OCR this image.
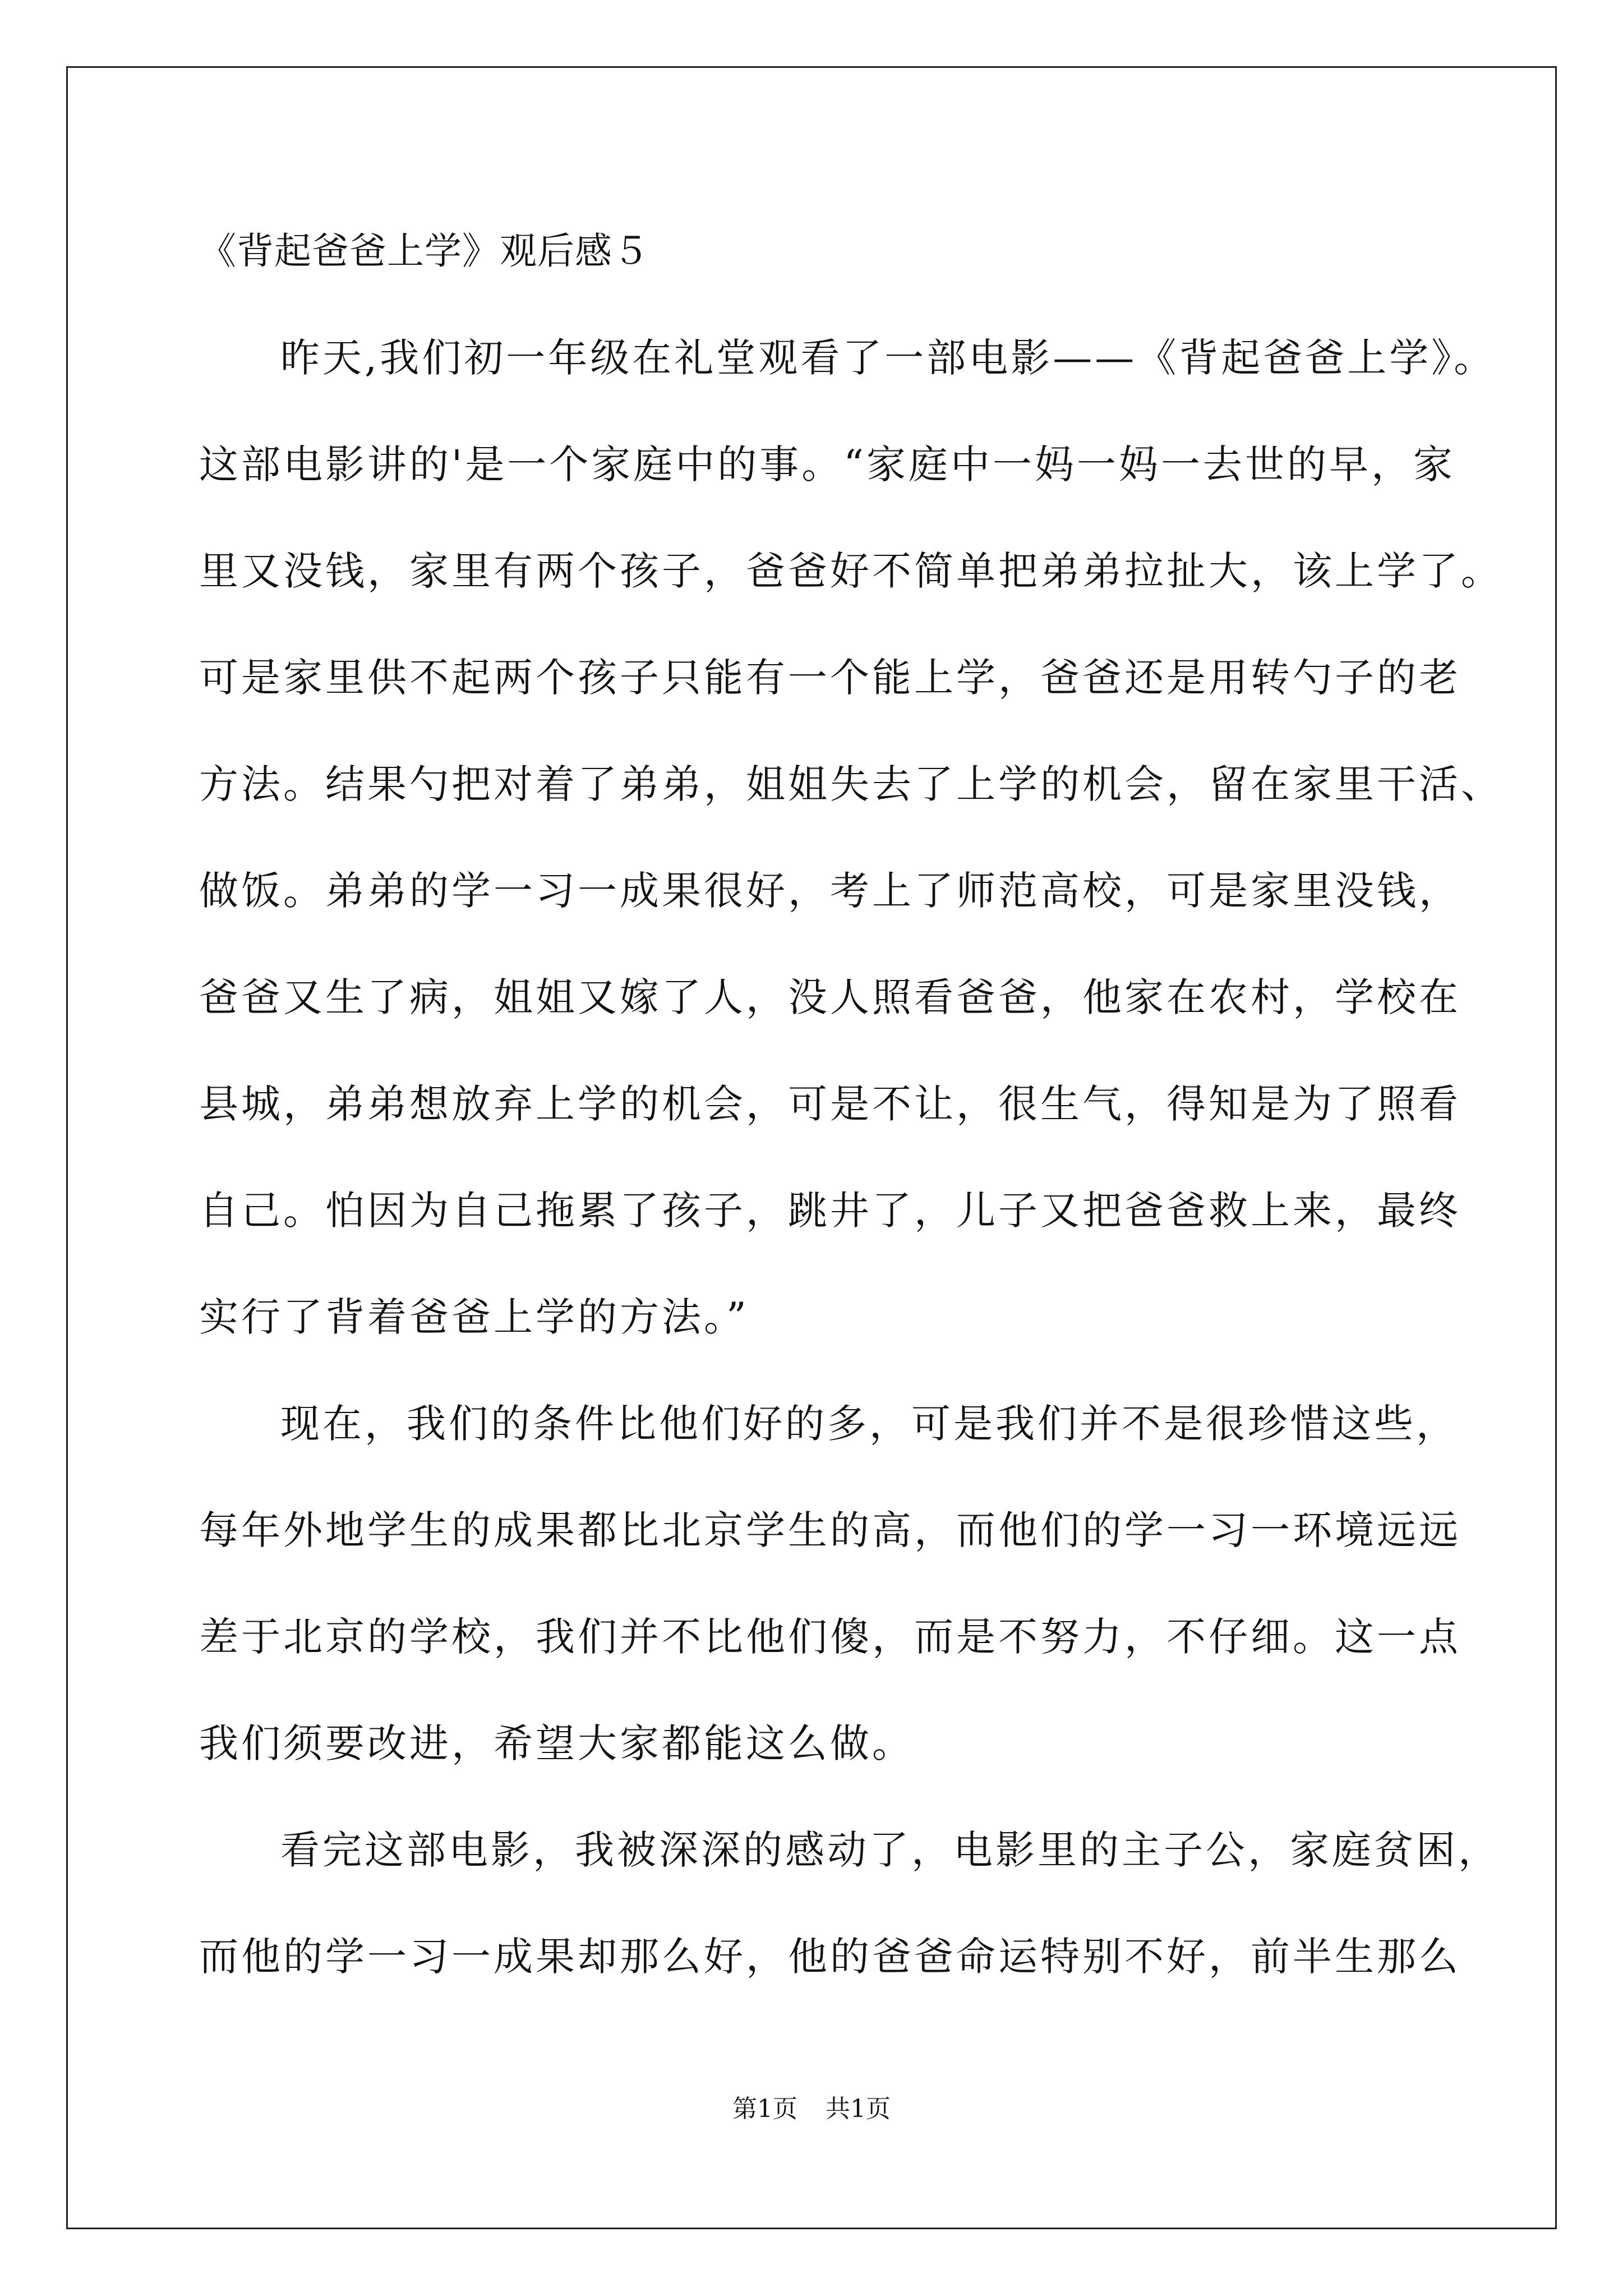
《背起爸爸上学》观后感５
昨天,我们初一年级在礼堂观看了一部电影——《背起爸爸上学》。
这部电影讲的'是一个家庭中的事。“家庭中一妈一妈一去世的早，家
里又没钱，家里有两个孩子，爸爸好不简单把弟弟拉扯大，该上学了。
可是家里供不起两个孩子只能有一个能上学，爸爸还是用转勺子的老
方法。结果勺把对着了弟弟，姐姐失去了上学的机会，留在家里干活、
做饭。弟弟的学一习一成果很好，考上了师范高校，可是家里没钱，
爸爸又生了病，姐姐又嫁了人，没人照看爸爸，他家在农村，学校在
县城，弟弟想放弃上学的机会，可是不让，很生气，得知是为了照看
自己。怕因为自己拖累了孩子，跳井了，儿子又把爸爸救上来，最终
实行了背着爸爸上学的方法。”
现在，我们的条件比他们好的多，可是我们并不是很珍惜这些，
每年外地学生的成果都比北京学生的高，而他们的学一习一环境远远
差于北京的学校，我们并不比他们傻，而是不努力，不仔细。这一点
我们须要改进，希望大家都能这么做。
看完这部电影，我被深深的感动了，电影里的主子公，家庭贫困，
而他的学一习一成果却那么好，他的爸爸命运特别不好，前半生那么
第1页 共1页
